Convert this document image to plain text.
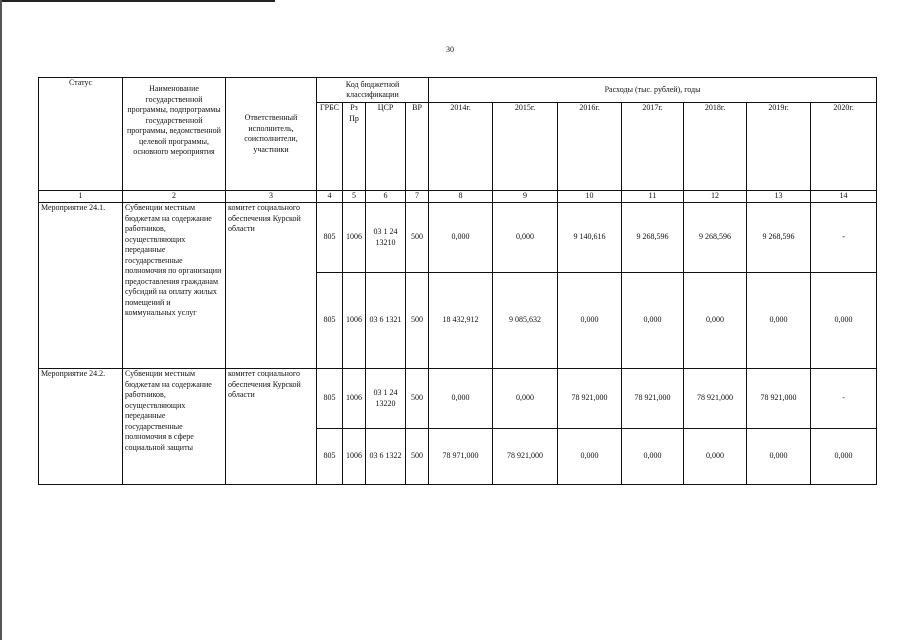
30
Статус	Наименование государственной программы, подпрограммы государственной программы, ведомственной целевой программы, основного мероприятия	Ответственный исполнитель, соисполнители, участники	Код бюджетной классификации				Расходы (тыс. рублей), годы						
			ГРБС	Рз Пр	ЦСР	ВР	2014г.	2015г.	2016г.	2017г.	2018г.	2019г.	2020г.
1	2	3	4	5	6	7	8	9	10	11	12	13	14
Мероприятие 24.1.	Субвенции местным бюджетам на содержание работников, осуществляющих переданные государственные полномочия по организации предоставления гражданам субсидий на оплату жилых помещений и коммунальных услуг	комитет социального обеспечения Курской области	805	1006	03 1 24 13210	500	0,000	0,000	9 140,616	9 268,596	9 268,596	9 268,596	-
			805	1006	03 6 1321	500	18 432,912	9 085,632	0,000	0,000	0,000	0,000	0,000
Мероприятие 24.2.	Субвенции местным бюджетам на содержание работников, осуществляющих переданные государственные полномочия в сфере социальной защиты	комитет социального обеспечения Курской области	805	1006	03 1 24 13220	500	0,000	0,000	78 921,000	78 921,000	78 921,000	78 921,000	-
			805	1006	03 6 1322	500	78 971,000	78 921,000	0,000	0,000	0,000	0,000	0,000
